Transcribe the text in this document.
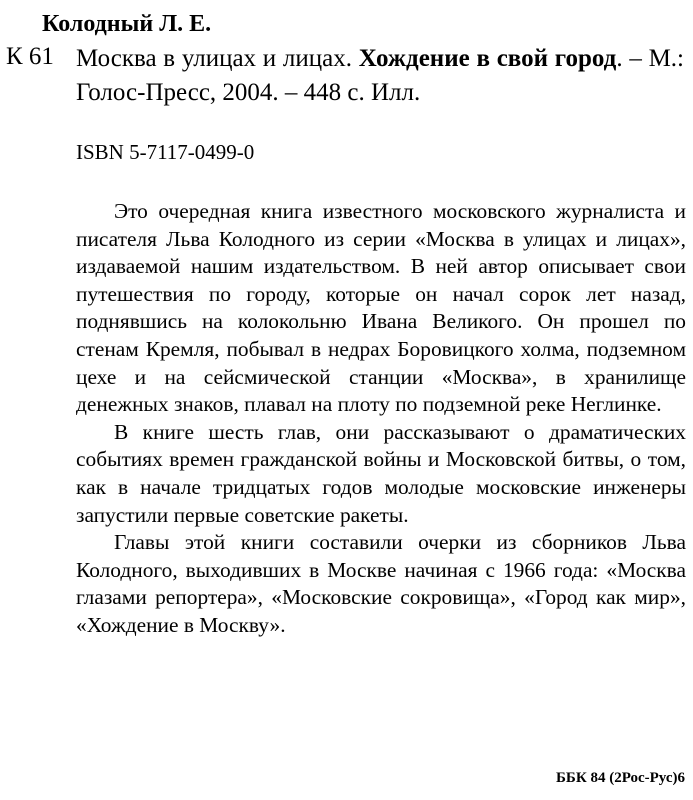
Колодный Л. Е.
К 61 Москва в улицах и лицах. Хождение в свой город. – М.: Голос-Пресс, 2004. – 448 с. Илл.
ISBN 5-7117-0499-0

Это очередная книга известного московского журналиста и писателя Льва Колодного из серии «Москва в улицах и лицах», издаваемой нашим издательством. В ней автор описывает свои путешествия по городу, которые он начал сорок лет назад, поднявшись на колокольню Ивана Великого. Он прошел по стенам Кремля, побывал в недрах Боровицкого холма, подземном цехе и на сейсмической станции «Москва», в хранилище денежных знаков, плавал на плоту по подземной реке Неглинке.

В книге шесть глав, они рассказывают о драматических событиях времен гражданской войны и Московской битвы, о том, как в начале тридцатых годов молодые московские инженеры запустили первые советские ракеты.

Главы этой книги составили очерки из сборников Льва Колодного, выходивших в Москве начиная с 1966 года: «Москва глазами репортера», «Московские сокровища», «Город как мир», «Хождение в Москву».

ББК 84 (2Рос-Рус)6
